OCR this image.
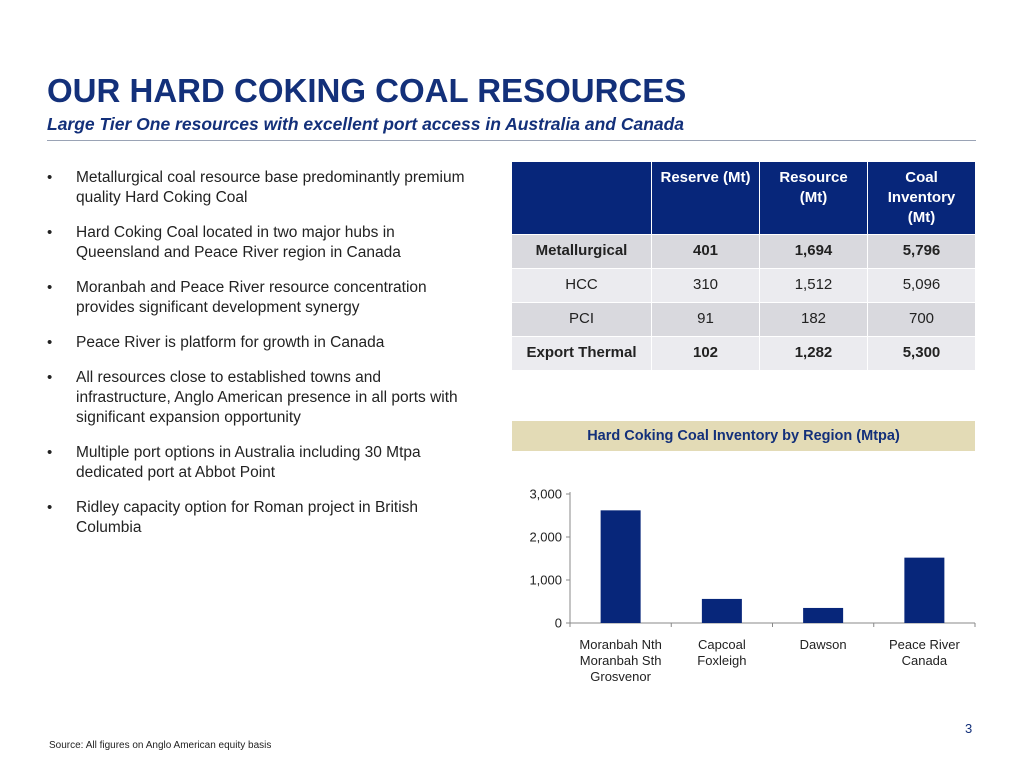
OUR HARD COKING COAL RESOURCES
Large Tier One resources with excellent port access in Australia and Canada
• Metallurgical coal resource base predominantly premium quality Hard Coking Coal
• Hard Coking Coal located in two major hubs in Queensland and Peace River region in Canada
• Moranbah and Peace River resource concentration provides significant development synergy
• Peace River is platform for growth in Canada
• All resources close to established towns and infrastructure, Anglo American presence in all ports with significant expansion opportunity
• Multiple port options in Australia including 30 Mtpa dedicated port at Abbot Point
• Ridley capacity option for Roman project in British Columbia
	Reserve (Mt)	Resource (Mt)	Coal Inventory (Mt)
Metallurgical	401	1,694	5,796
HCC	310	1,512	5,096
PCI	91	182	700
Export Thermal	102	1,282	5,300
Hard Coking Coal Inventory by Region (Mtpa)
0
1,000
2,000
3,000
Moranbah Nth
Moranbah Sth
Grosvenor
Capcoal
Foxleigh
Dawson	Peace River
Canada
Source: All figures on Anglo American equity basis
3
